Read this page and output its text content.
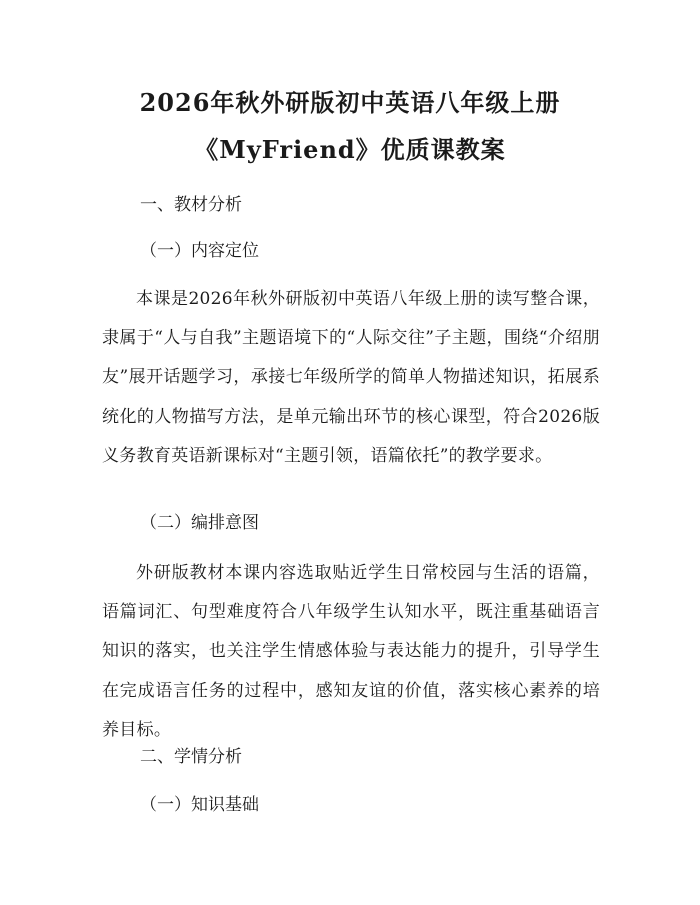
2026年秋外研版初中英语八年级上册
《MyFriend》优质课教案
一、教材分析
（一）内容定位

本课是2026年秋外研版初中英语八年级上册的读写整合课，隶属于“人与自我”主题语境下的“人际交往”子主题，围绕“介绍朋友”展开话题学习，承接七年级所学的简单人物描述知识，拓展系统化的人物描写方法，是单元输出环节的核心课型，符合2026版义务教育英语新课标对“主题引领，语篇依托”的教学要求。

（二）编排意图

外研版教材本课内容选取贴近学生日常校园与生活的语篇，语篇词汇、句型难度符合八年级学生认知水平，既注重基础语言知识的落实，也关注学生情感体验与表达能力的提升，引导学生在完成语言任务的过程中，感知友谊的价值，落实核心素养的培养目标。

二、学情分析
（一）知识基础
